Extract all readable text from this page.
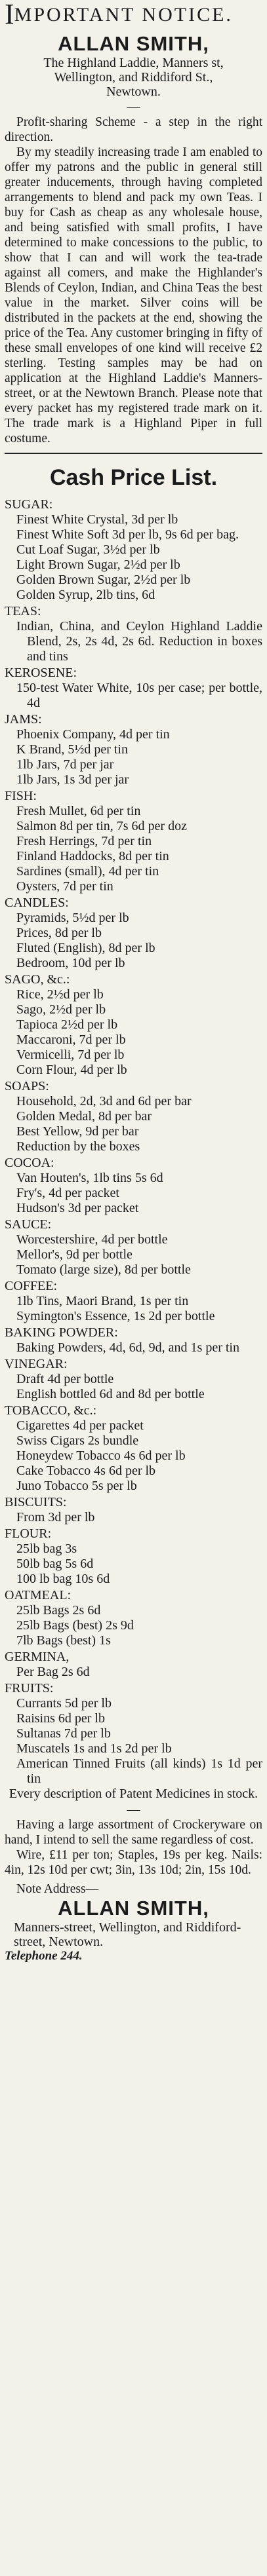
IMPORTANT NOTICE.
ALLAN SMITH,
The Highland Laddie, Manners st,
Wellington, and Riddiford St.,
Newtown.
—

Profit-sharing Scheme - a step in the right direction.

By my steadily increasing trade I am enabled to offer my patrons and the public in general still greater inducements, through having completed arrangements to blend and pack my own Teas. I buy for Cash as cheap as any wholesale house, and being satisfied with small profits, I have determined to make concessions to the public, to show that I can and will work the tea-trade against all comers, and make the Highlander's Blends of Ceylon, Indian, and China Teas the best value in the market. Silver coins will be distributed in the packets at the end, showing the price of the Tea. Any customer bringing in fifty of these small envelopes of one kind will receive £2 sterling. Testing samples may be had on application at the Highland Laddie's Manners-street, or at the Newtown Branch. Please note that every packet has my registered trade mark on it. The trade mark is a Highland Piper in full costume.

Cash Price List.
SUGAR:
Finest White Crystal, 3d per lb
Finest White Soft 3d per lb, 9s 6d per bag.
Cut Loaf Sugar, 3½d per lb
Light Brown Sugar, 2½d per lb
Golden Brown Sugar, 2½d per lb
Golden Syrup, 2lb tins, 6d
TEAS:
Indian, China, and Ceylon Highland Laddie Blend, 2s, 2s 4d, 2s 6d. Reduction in boxes and tins
KEROSENE:
150-test Water White, 10s per case; per bottle, 4d
JAMS:
Phoenix Company, 4d per tin
K Brand, 5½d per tin
1lb Jars, 7d per jar
1lb Jars, 1s 3d per jar
FISH:
Fresh Mullet, 6d per tin
Salmon 8d per tin, 7s 6d per doz
Fresh Herrings, 7d per tin
Finland Haddocks, 8d per tin
Sardines (small), 4d per tin
Oysters, 7d per tin
CANDLES:
Pyramids, 5½d per lb
Prices, 8d per lb
Fluted (English), 8d per lb
Bedroom, 10d per lb
SAGO, &c.:
Rice, 2½d per lb
Sago, 2½d per lb
Tapioca 2½d per lb
Maccaroni, 7d per lb
Vermicelli, 7d per lb
Corn Flour, 4d per lb
SOAPS:
Household, 2d, 3d and 6d per bar
Golden Medal, 8d per bar
Best Yellow, 9d per bar
Reduction by the boxes
COCOA:
Van Houten's, 1lb tins 5s 6d
Fry's, 4d per packet
Hudson's 3d per packet
SAUCE:
Worcestershire, 4d per bottle
Mellor's, 9d per bottle
Tomato (large size), 8d per bottle
COFFEE:
1lb Tins, Maori Brand, 1s per tin
Symington's Essence, 1s 2d per bottle
BAKING POWDER:
Baking Powders, 4d, 6d, 9d, and 1s per tin
VINEGAR:
Draft 4d per bottle
English bottled 6d and 8d per bottle
TOBACCO, &c.:
Cigarettes 4d per packet
Swiss Cigars 2s bundle
Honeydew Tobacco 4s 6d per lb
Cake Tobacco 4s 6d per lb
Juno Tobacco 5s per lb
BISCUITS:
From 3d per lb
FLOUR:
25lb bag 3s
50lb bag 5s 6d
100 lb bag 10s 6d
OATMEAL:
25lb Bags 2s 6d
25lb Bags (best) 2s 9d
7lb Bags (best) 1s
GERMINA,
Per Bag 2s 6d
FRUITS:
Currants 5d per lb
Raisins 6d per lb
Sultanas 7d per lb
Muscatels 1s and 1s 2d per lb
American Tinned Fruits (all kinds) 1s 1d per tin
Every description of Patent Medicines in stock.
—

Having a large assortment of Crockeryware on hand, I intend to sell the same regardless of cost.

Wire, £11 per ton; Staples, 19s per keg. Nails: 4in, 12s 10d per cwt; 3in, 13s 10d; 2in, 15s 10d.

Note Address—
ALLAN SMITH,
Manners-street, Wellington, and Riddiford-street, Newtown.
Telephone 244.
